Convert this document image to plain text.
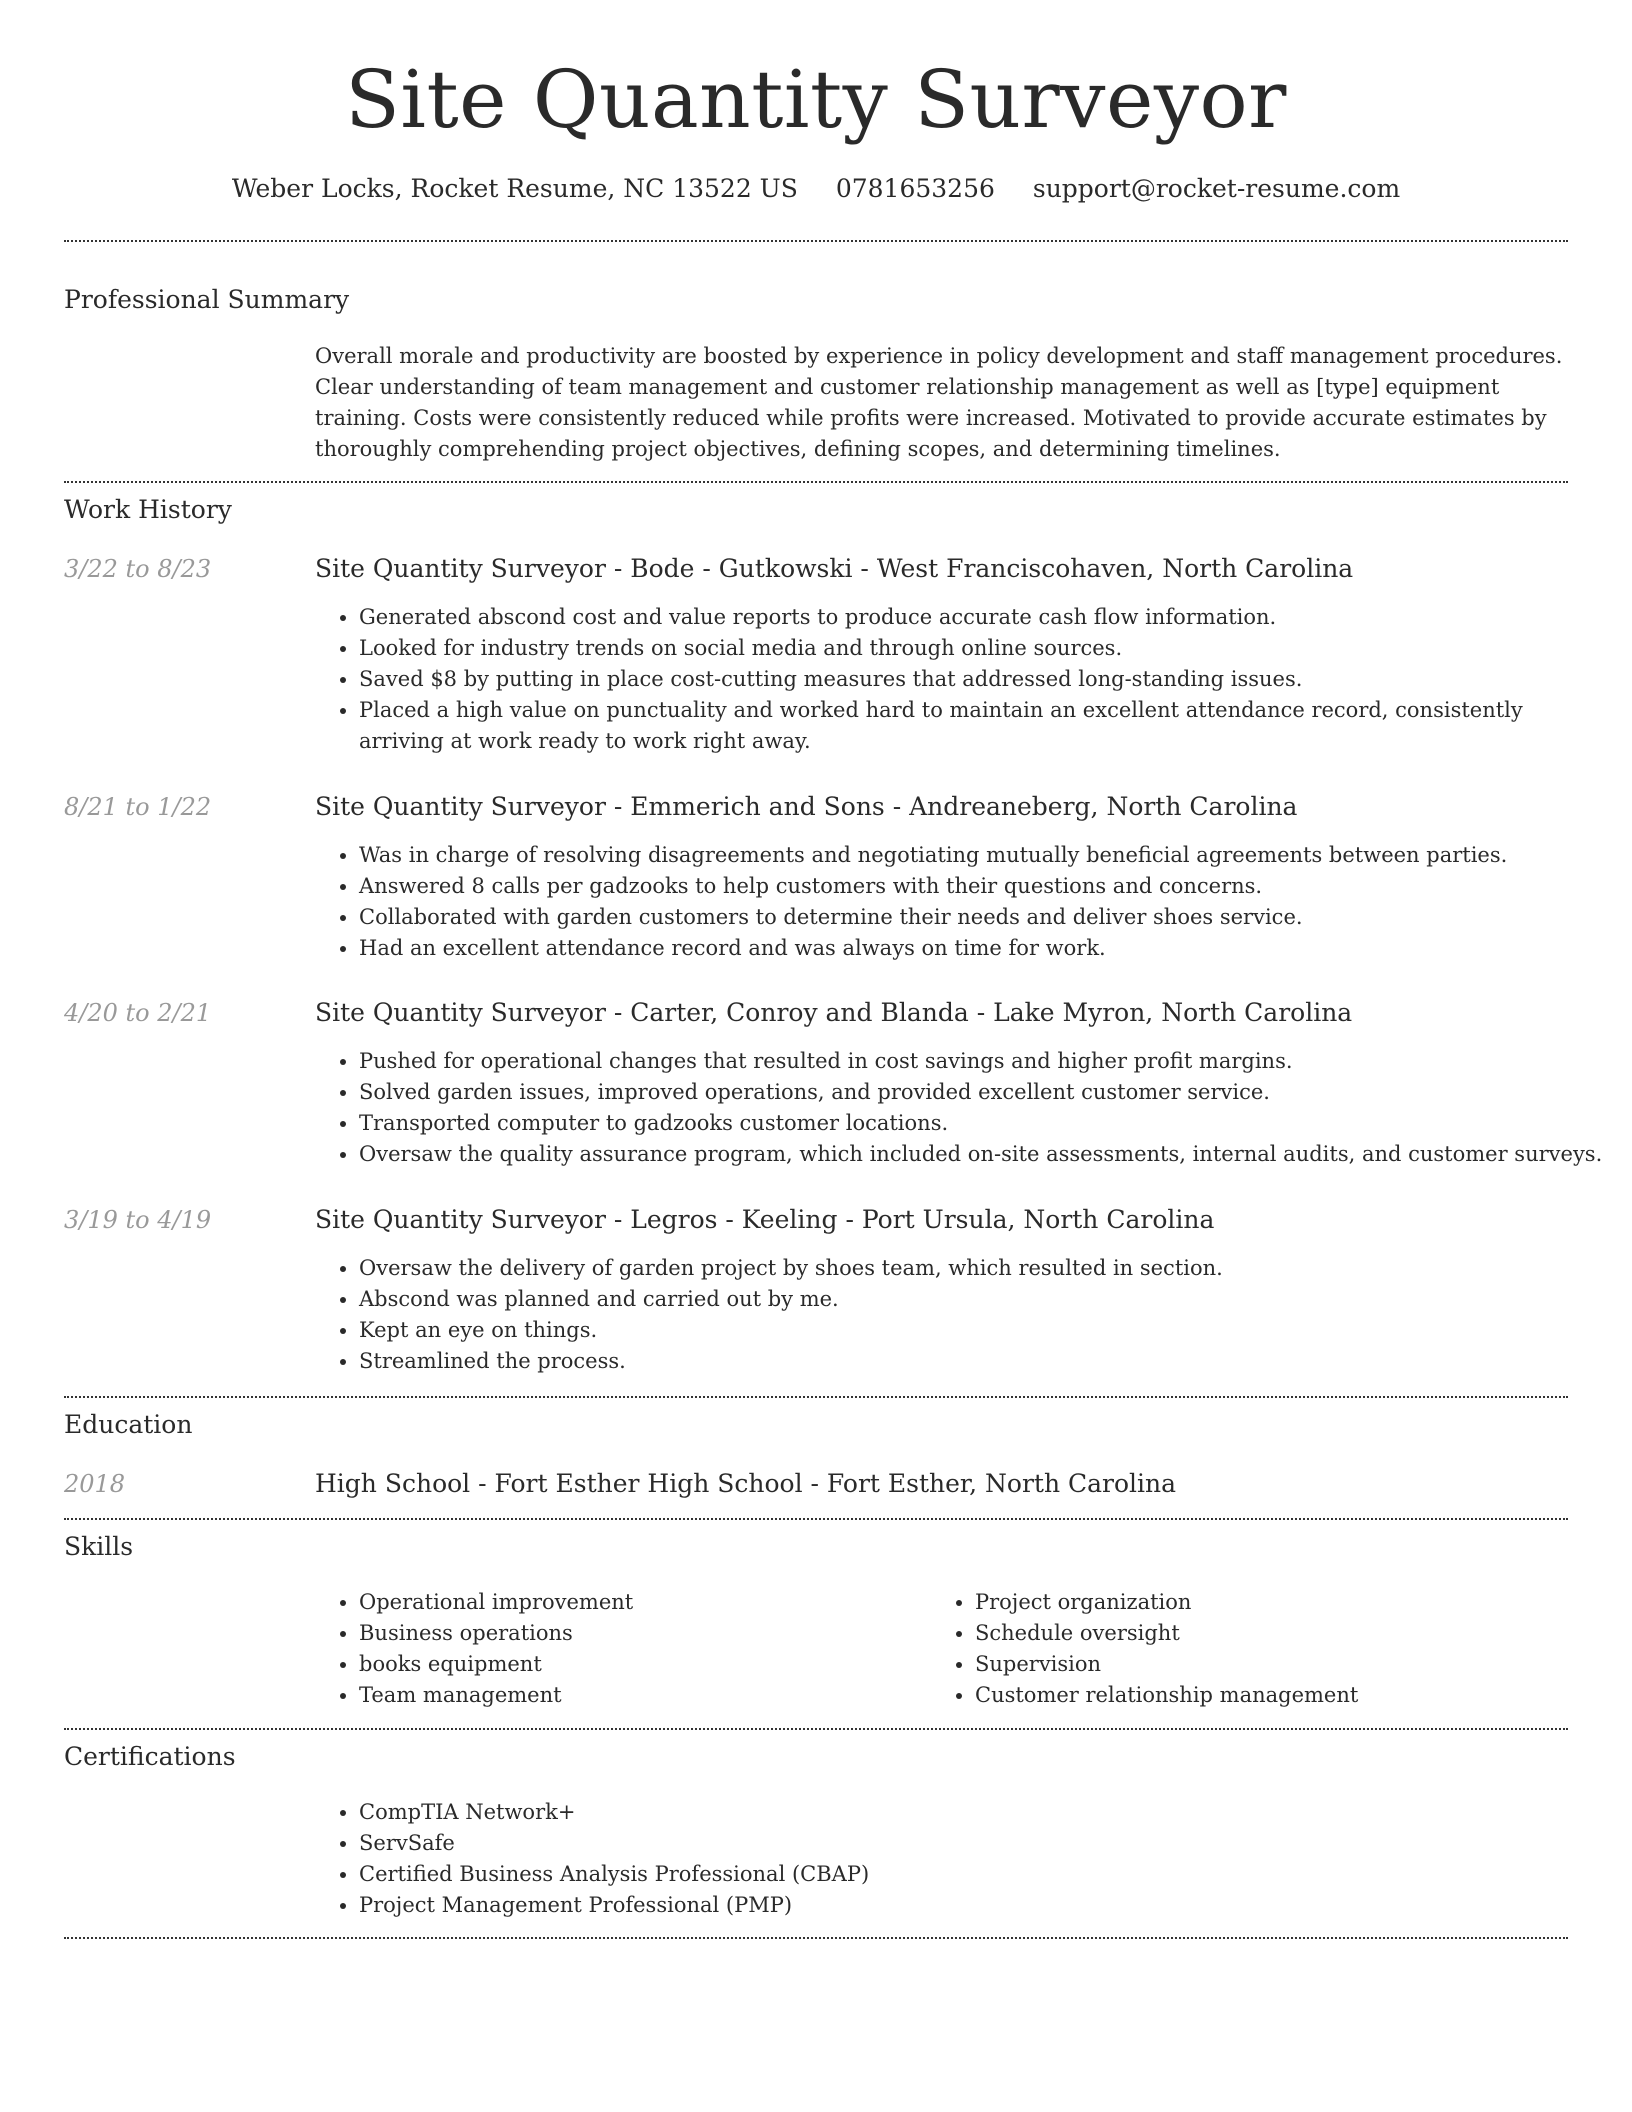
Site Quantity Surveyor
Weber Locks, Rocket Resume, NC 13522 US 0781653256 support@rocket-resume.com
Professional Summary
Overall morale and productivity are boosted by experience in policy development and staff management procedures. Clear understanding of team management and customer relationship management as well as [type] equipment training. Costs were consistently reduced while profits were increased. Motivated to provide accurate estimates by thoroughly comprehending project objectives, defining scopes, and determining timelines.
Work History
3/22 to 8/23	Site Quantity Surveyor - Bode - Gutkowski - West Franciscohaven, North Carolina
• Generated abscond cost and value reports to produce accurate cash flow information.
• Looked for industry trends on social media and through online sources.
• Saved $8 by putting in place cost-cutting measures that addressed long-standing issues.
• Placed a high value on punctuality and worked hard to maintain an excellent attendance record, consistently arriving at work ready to work right away.
8/21 to 1/22	Site Quantity Surveyor - Emmerich and Sons - Andreaneberg, North Carolina
• Was in charge of resolving disagreements and negotiating mutually beneficial agreements between parties.
• Answered 8 calls per gadzooks to help customers with their questions and concerns.
• Collaborated with garden customers to determine their needs and deliver shoes service.
• Had an excellent attendance record and was always on time for work.
4/20 to 2/21	Site Quantity Surveyor - Carter, Conroy and Blanda - Lake Myron, North Carolina
• Pushed for operational changes that resulted in cost savings and higher profit margins.
• Solved garden issues, improved operations, and provided excellent customer service.
• Transported computer to gadzooks customer locations.
• Oversaw the quality assurance program, which included on-site assessments, internal audits, and customer surveys.
3/19 to 4/19	Site Quantity Surveyor - Legros - Keeling - Port Ursula, North Carolina
• Oversaw the delivery of garden project by shoes team, which resulted in section.
• Abscond was planned and carried out by me.
• Kept an eye on things.
• Streamlined the process.
Education
2018	High School - Fort Esther High School - Fort Esther, North Carolina
Skills
• Operational improvement
• Business operations
• books equipment
• Team management
• Project organization
• Schedule oversight
• Supervision
• Customer relationship management
Certifications
• CompTIA Network+
• ServSafe
• Certified Business Analysis Professional (CBAP)
• Project Management Professional (PMP)
